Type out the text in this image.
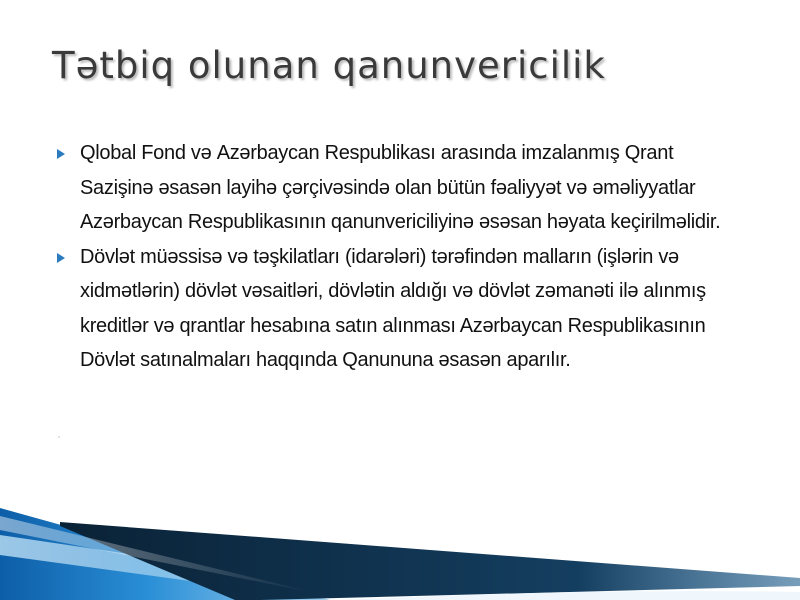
Tətbiq olunan qanunvericilik
Qlobal Fond vә Azәrbaycan Respublikası arasında imzalanmış Qrant Sazişinә әsasәn layihә çәrçivәsindә olan bütün fәaliyyәt vә әmәliyyatlar Azәrbaycan Respublikasının qanunvericiliyinә әsәsan hәyata keçirilmәlidir.
Dövlәt müәssisә vә tәşkilatları (idarәlәri) tәrәfindәn malların (işlәrin vә xidmәtlәrin) dövlәt vәsaitlәri, dövlәtin aldığı vә dövlәt zәmanәti ilә alınmış kreditlәr vә qrantlar hesabına satın alınması Azәrbaycan Respublikasının Dövlәt satınalmaları haqqında Qanununa әsasәn aparılır.
